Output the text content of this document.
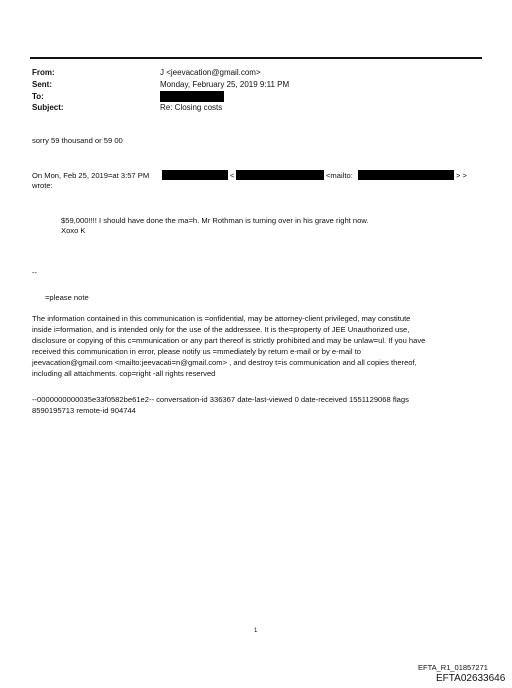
From:	J <jeevacation@gmail.com>
Sent:	Monday, February 25, 2019 9:11 PM
To:
Subject:	Re: Closing costs
sorry 59 thousand or 59 00
On Mon, Feb 25, 2019=at 3:57 PM	<	<mailto:	> >
wrote:
$59,000!!!! I should have done the ma=h. Mr Rothman is turning over in his grave right now.
Xoxo K
--
=please note
The information contained in this communication is =onfidential, may be attorney-client privileged, may constitute
inside i=formation, and is intended only for the use of the addressee. It is the=property of JEE Unauthorized use,
disclosure or copying of this c=mmunication or any part thereof is strictly prohibited and may be unlaw=ul. If you have
received this communication in error, please notify us =mmediately by return e-mail or by e-mail to
jeevacation@gmail.com <mailto:jeevacati=n@gmail.com> , and destroy t=is communication and all copies thereof,
including all attachments. cop=right -all rights reserved
--0000000000035e33f0582be61e2-- conversation-id 336367 date-last-viewed 0 date-received 1551129068 flags
8590195713 remote-id 904744
1
EFTA_R1_01857271
EFTA02633646
